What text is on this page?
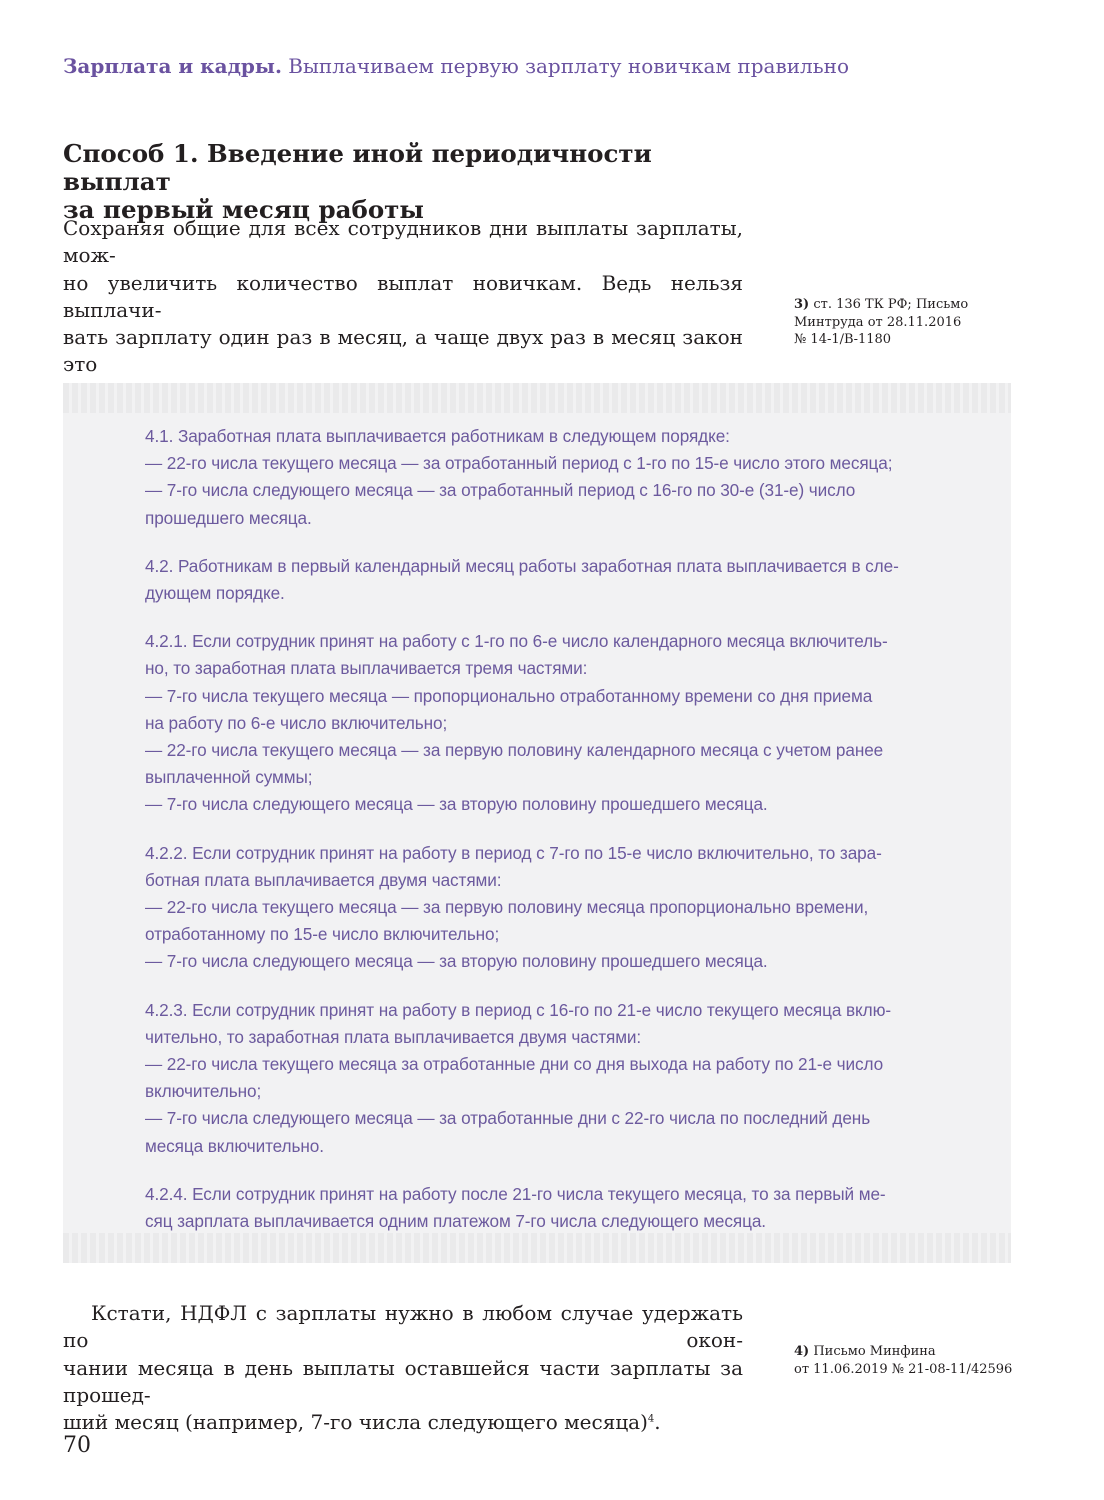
Зарплата и кадры. Выплачиваем первую зарплату новичкам правильно
Способ 1. Введение иной периодичности выплат
за первый месяц работы
Сохраняя общие для всех сотрудников дни выплаты зарплаты, мож-
но увеличить количество выплат новичкам. Ведь нельзя выплачи-
вать зарплату один раз в месяц, а чаще двух раз в месяц закон это
3) ст. 136 ТК РФ; Письмо
Минтруда от 28.11.2016
№ 14-1/В-1180

4.1. Заработная плата выплачивается работникам в следующем порядке:
— 22-го числа текущего месяца — за отработанный период с 1-го по 15-е число этого месяца;
— 7-го числа следующего месяца — за отработанный период с 16-го по 30-е (31-е) число
прошедшего месяца.

4.2. Работникам в первый календарный месяц работы заработная плата выплачивается в сле-
дующем порядке.

4.2.1. Если сотрудник принят на работу с 1-го по 6-е число календарного месяца включитель-
но, то заработная плата выплачивается тремя частями:
— 7-го числа текущего месяца — пропорционально отработанному времени со дня приема
на работу по 6-е число включительно;
— 22-го числа текущего месяца — за первую половину календарного месяца с учетом ранее
выплаченной суммы;
— 7-го числа следующего месяца — за вторую половину прошедшего месяца.

4.2.2. Если сотрудник принят на работу в период с 7-го по 15-е число включительно, то зара-
ботная плата выплачивается двумя частями:
— 22-го числа текущего месяца — за первую половину месяца пропорционально времени,
отработанному по 15-е число включительно;
— 7-го числа следующего месяца — за вторую половину прошедшего месяца.

4.2.3. Если сотрудник принят на работу в период с 16-го по 21-е число текущего месяца вклю-
чительно, то заработная плата выплачивается двумя частями:
— 22-го числа текущего месяца за отработанные дни со дня выхода на работу по 21-е число
включительно;
— 7-го числа следующего месяца — за отработанные дни с 22-го числа по последний день
месяца включительно.

4.2.4. Если сотрудник принят на работу после 21-го числа текущего месяца, то за первый ме-
сяц зарплата выплачивается одним платежом 7-го числа следующего месяца.

Кстати, НДФЛ с зарплаты нужно в любом случае удержать по окон-
чании месяца в день выплаты оставшейся части зарплаты за прошед-
ший месяц (например, 7-го числа следующего месяца)$^4$.
4) Письмо Минфина
от 11.06.2019 № 21-08-11/42596
70
